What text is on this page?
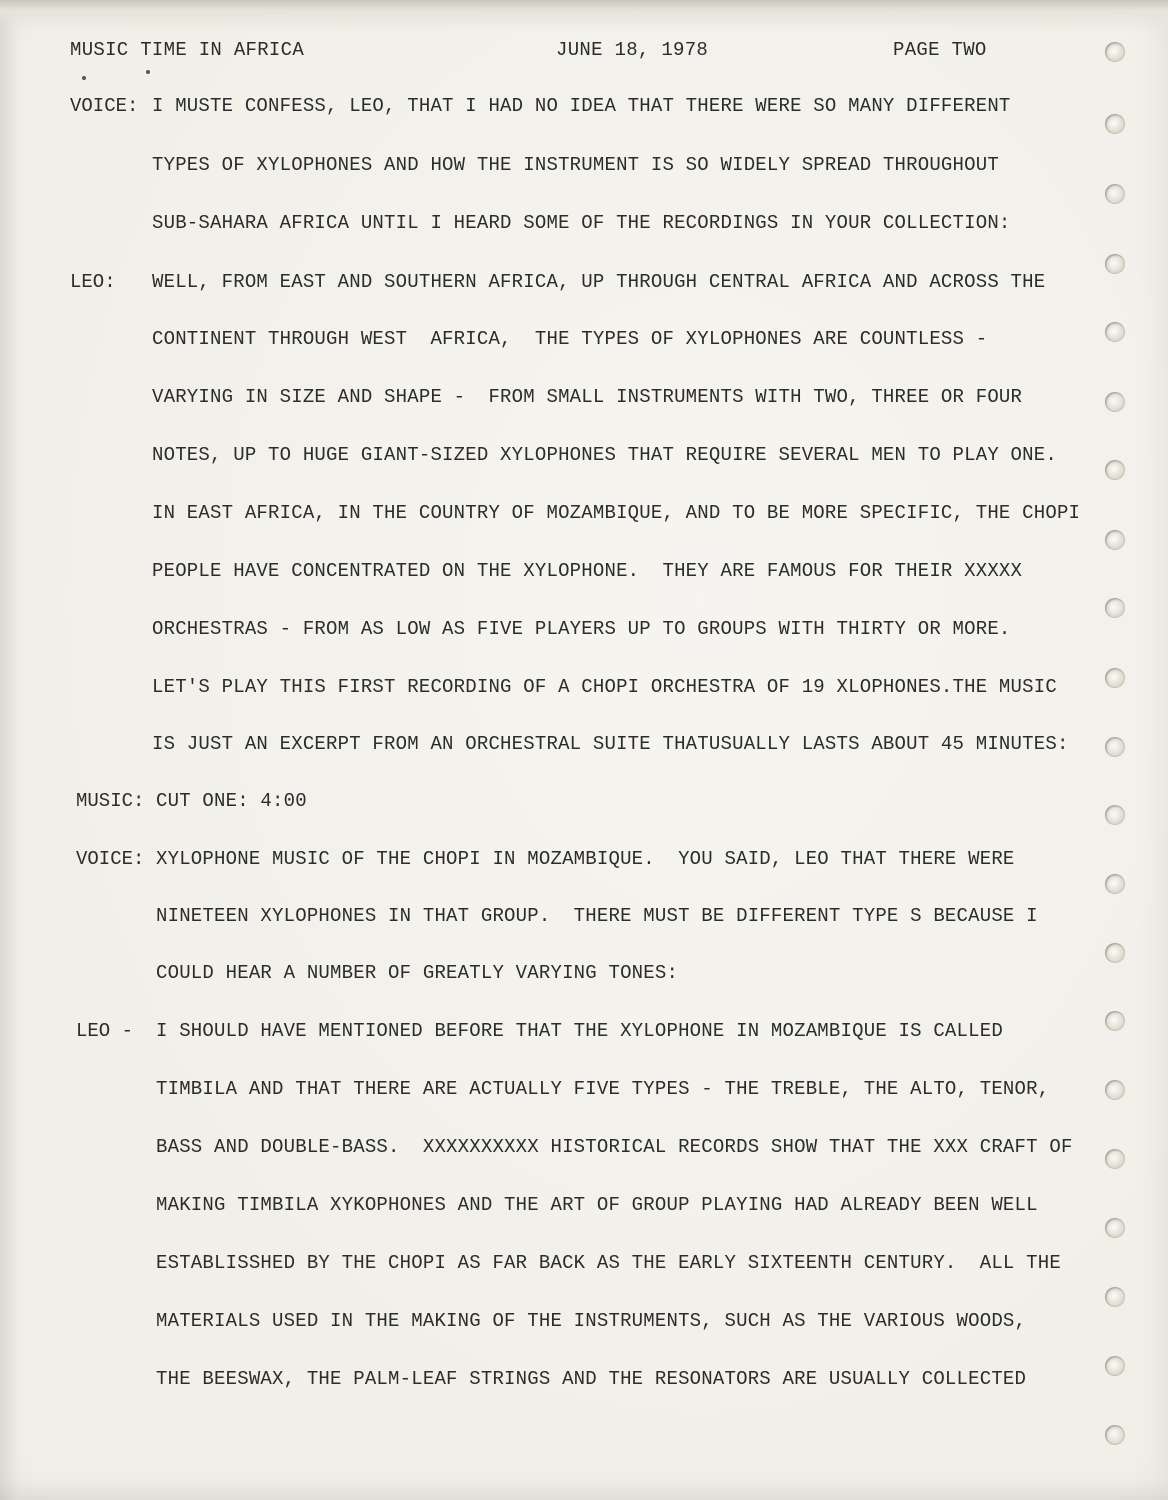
MUSIC TIME IN AFRICA	JUNE 18, 1978	PAGE TWO
VOICE:
LEO:
MUSIC:
VOICE:
LEO -
I MUSTE CONFESS, LEO, THAT I HAD NO IDEA THAT THERE WERE SO MANY DIFFERENT
TYPES OF XYLOPHONES AND HOW THE INSTRUMENT IS SO WIDELY SPREAD THROUGHOUT
SUB-SAHARA AFRICA UNTIL I HEARD SOME OF THE RECORDINGS IN YOUR COLLECTION:
WELL, FROM EAST AND SOUTHERN AFRICA, UP THROUGH CENTRAL AFRICA AND ACROSS THE
CONTINENT THROUGH WEST  AFRICA,  THE TYPES OF XYLOPHONES ARE COUNTLESS -
VARYING IN SIZE AND SHAPE -  FROM SMALL INSTRUMENTS WITH TWO, THREE OR FOUR
NOTES, UP TO HUGE GIANT-SIZED XYLOPHONES THAT REQUIRE SEVERAL MEN TO PLAY ONE.
IN EAST AFRICA, IN THE COUNTRY OF MOZAMBIQUE, AND TO BE MORE SPECIFIC, THE CHOPI
PEOPLE HAVE CONCENTRATED ON THE XYLOPHONE.  THEY ARE FAMOUS FOR THEIR XXXXX
ORCHESTRAS - FROM AS LOW AS FIVE PLAYERS UP TO GROUPS WITH THIRTY OR MORE.
LET'S PLAY THIS FIRST RECORDING OF A CHOPI ORCHESTRA OF 19 XLOPHONES.THE MUSIC
IS JUST AN EXCERPT FROM AN ORCHESTRAL SUITE THATUSUALLY LASTS ABOUT 45 MINUTES:
CUT ONE: 4:00
XYLOPHONE MUSIC OF THE CHOPI IN MOZAMBIQUE.  YOU SAID, LEO THAT THERE WERE
NINETEEN XYLOPHONES IN THAT GROUP.  THERE MUST BE DIFFERENT TYPE S BECAUSE I
COULD HEAR A NUMBER OF GREATLY VARYING TONES:
I SHOULD HAVE MENTIONED BEFORE THAT THE XYLOPHONE IN MOZAMBIQUE IS CALLED
TIMBILA AND THAT THERE ARE ACTUALLY FIVE TYPES - THE TREBLE, THE ALTO, TENOR,
BASS AND DOUBLE-BASS.  XXXXXXXXXX HISTORICAL RECORDS SHOW THAT THE XXX CRAFT OF
MAKING TIMBILA XYKOPHONES AND THE ART OF GROUP PLAYING HAD ALREADY BEEN WELL
ESTABLISSHED BY THE CHOPI AS FAR BACK AS THE EARLY SIXTEENTH CENTURY.  ALL THE
MATERIALS USED IN THE MAKING OF THE INSTRUMENTS, SUCH AS THE VARIOUS WOODS,
THE BEESWAX, THE PALM-LEAF STRINGS AND THE RESONATORS ARE USUALLY COLLECTED
